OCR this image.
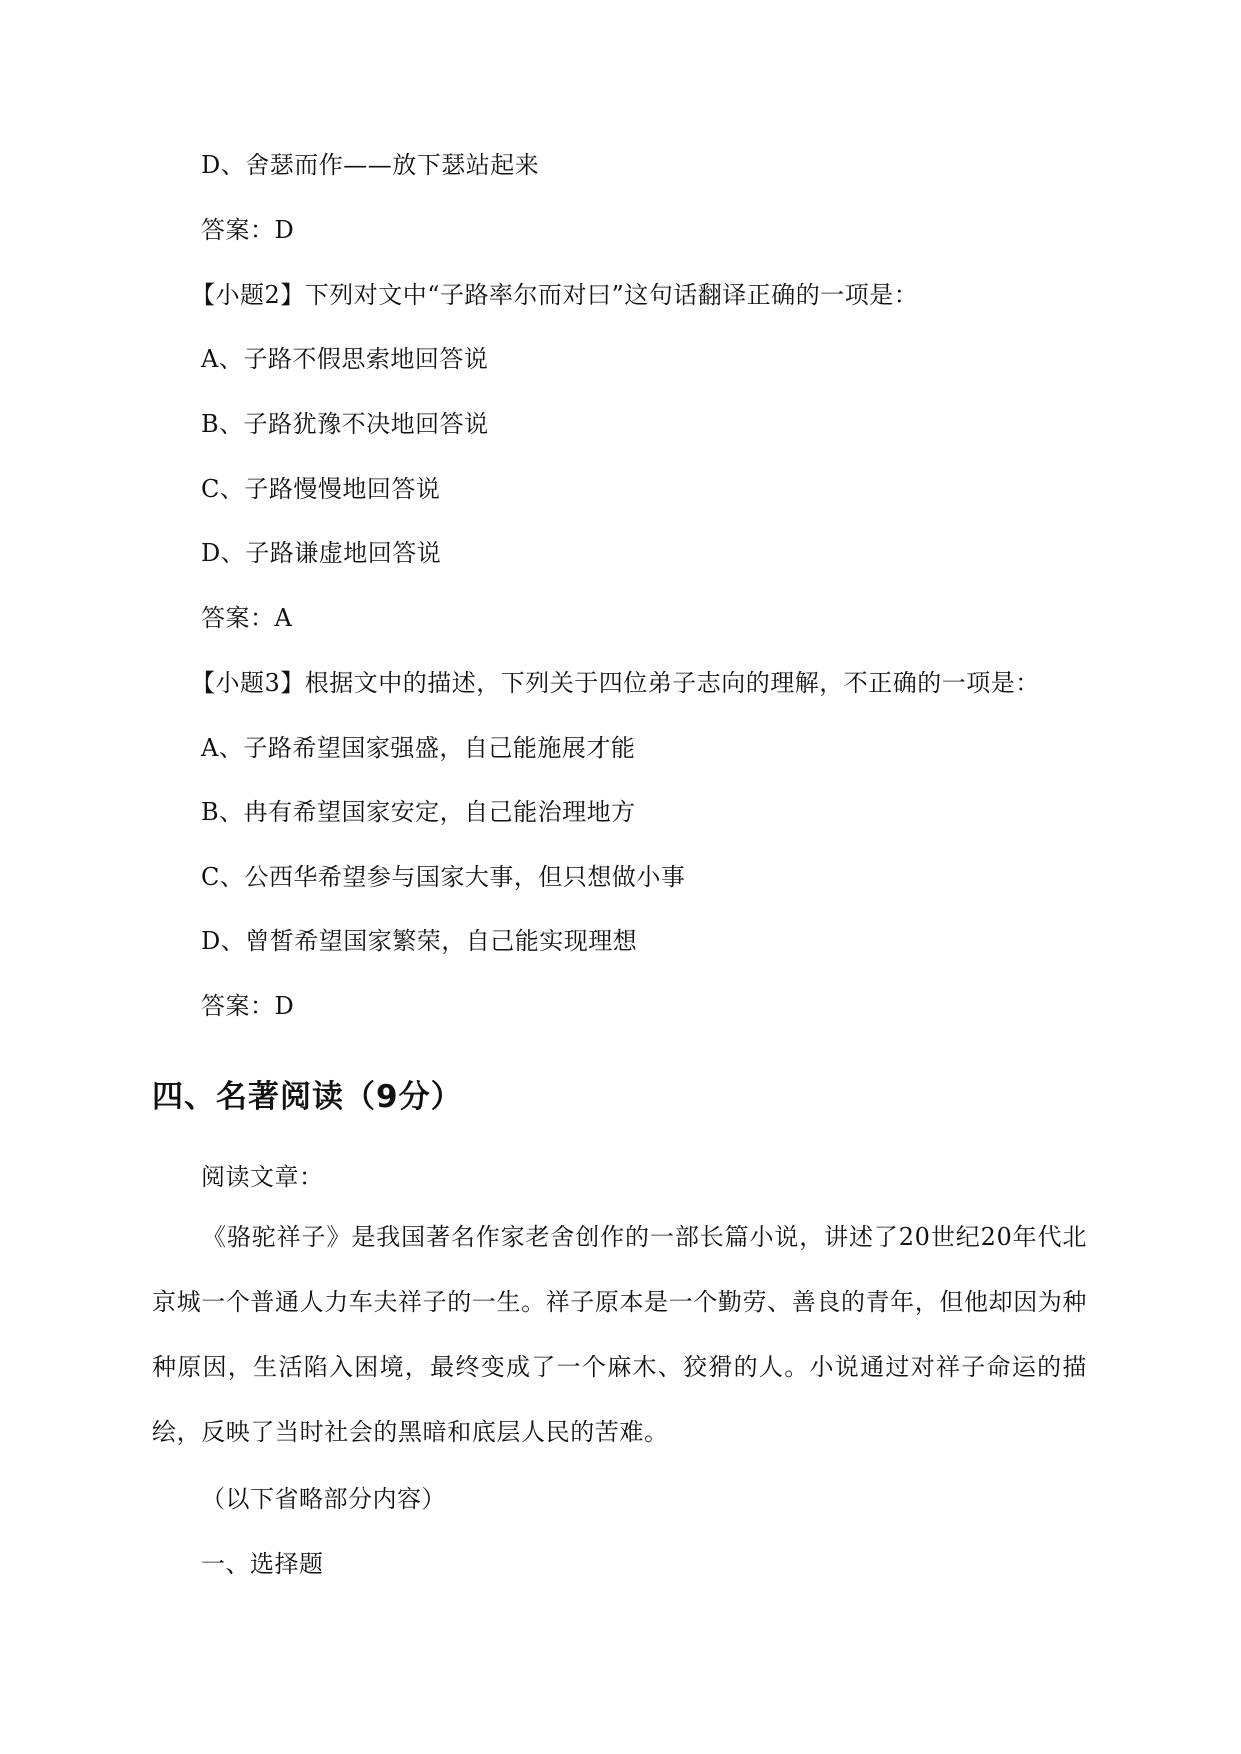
D、舍瑟而作——放下瑟站起来
答案：D
【小题2】下列对文中“子路率尔而对曰”这句话翻译正确的一项是：
A、子路不假思索地回答说
B、子路犹豫不决地回答说
C、子路慢慢地回答说
D、子路谦虚地回答说
答案：A
【小题3】根据文中的描述，下列关于四位弟子志向的理解，不正确的一项是：
A、子路希望国家强盛，自己能施展才能
B、冉有希望国家安定，自己能治理地方
C、公西华希望参与国家大事，但只想做小事
D、曾皙希望国家繁荣，自己能实现理想
答案：D
四、名著阅读（9分）
阅读文章：
《骆驼祥子》是我国著名作家老舍创作的一部长篇小说，讲述了20世纪20年代北京城一个普通人力车夫祥子的一生。祥子原本是一个勤劳、善良的青年，但他却因为种种原因，生活陷入困境，最终变成了一个麻木、狡猾的人。小说通过对祥子命运的描绘，反映了当时社会的黑暗和底层人民的苦难。
（以下省略部分内容）
一、选择题
